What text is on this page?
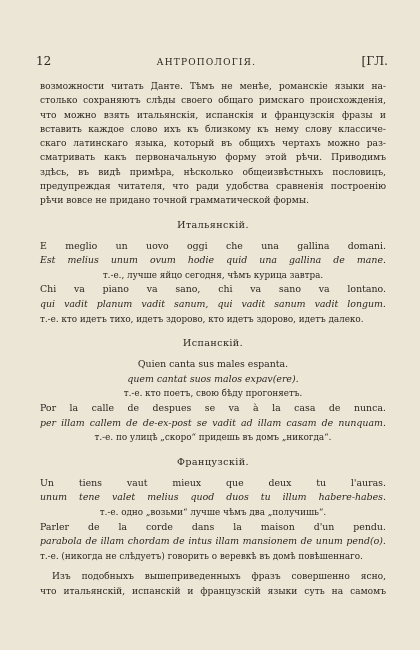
12	АНТРОПОЛОГІЯ.	[ГЛ.
возможности читать Данте. Тѣмъ не менѣе, романскіе языки на-
столько сохраняютъ слѣды своего общаго римскаго происхожденія,
что можно взять итальянскія, испанскія и французскія фразы и
вставить каждое слово ихъ къ близкому къ нему слову классиче-
скаго латинскаго языка, который въ общихъ чертахъ можно раз-
сматривать какъ первоначальную форму этой рѣчи. Приводимъ
здѣсь, въ видѣ примѣра, нѣсколько общеизвѣстныхъ пословицъ,
предупреждая читателя, что ради удобства сравненія построенію
рѣчи вовсе не придано точной грамматической формы.
Итальянскій.
E meglio un uovo oggi che una gallina domani.
Est melius unum ovum hodie quid una gallina de mane.
т.-е., лучше яйцо сегодня, чѣмъ курица завтра.
Chi va piano va sano, chi va sano va lontano.
qui vadit planum vadit sanum, qui vadit sanum vadit longum.
т.-е. кто идетъ тихо, идетъ здорово, кто идетъ здорово, идетъ далеко.
Испанскій.
Quien canta sus males espanta.
quem cantat suos malos expav(ere).
т.-е. кто поетъ, свою бѣду прогоняетъ.
Por la calle de despues se va à la casa de nunca.
per illam callem de de-ex-post se vadit ad illam casam de nunquam.
т.-е. по улицѣ „скоро“ придешь въ домъ „никогда“.
Французскій.
Un	tiens	vaut	mieux	que	deux	tu	l'auras.
unum tene valet melius quod duos tu illum habere-habes.
т.-е. одно „возьми“ лучше чѣмъ два „получишь“.
Parler de la corde dans la maison d'un pendu.
parabola de illam chordam de intus illam mansionem de unum pend(o).
т.-е. (никогда не слѣдуетъ) говорить о веревкѣ въ домѣ повѣшеннаго.
Изъ подобныхъ вышеприведенныхъ фразъ совершенно ясно,
что итальянскій, испанскій и французскій языки суть на самомъ
